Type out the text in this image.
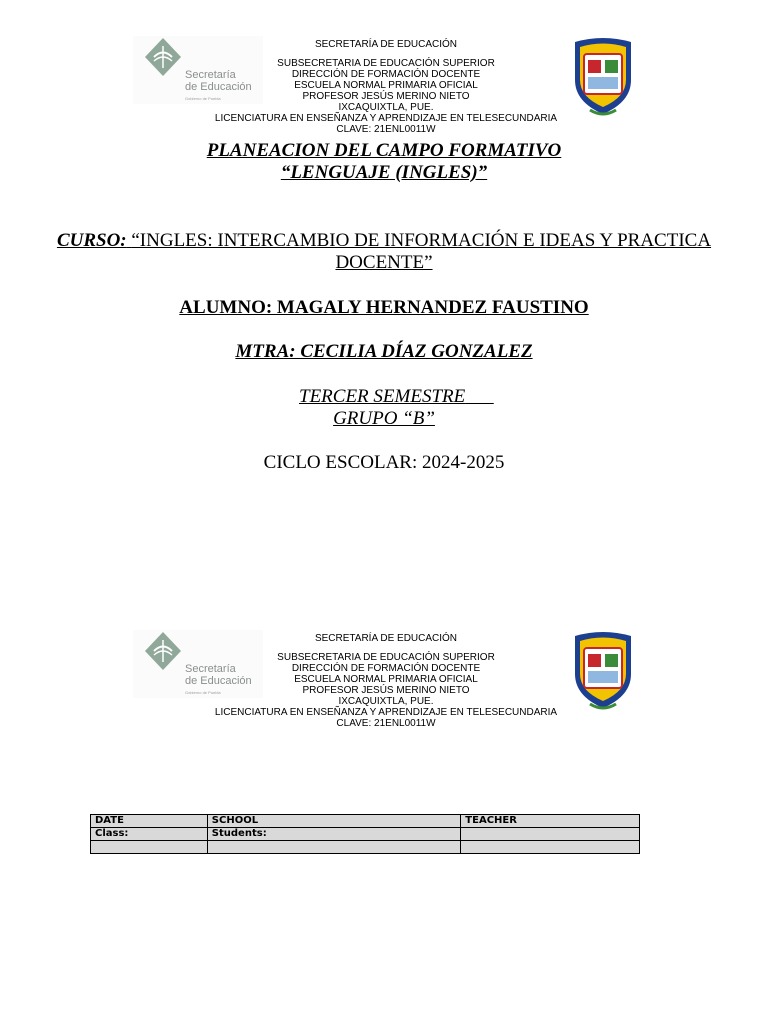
Secretaría
de Educación
Gobierno de Puebla
SECRETARÍA DE EDUCACIÓN
SUBSECRETARIA DE EDUCACIÓN SUPERIOR
DIRECCIÓN DE FORMACIÓN DOCENTE
ESCUELA NORMAL PRIMARIA OFICIAL
PROFESOR JESÚS MERINO NIETO
IXCAQUIXTLA, PUE.
LICENCIATURA EN ENSEÑANZA Y APRENDIZAJE EN TELESECUNDARIA
CLAVE: 21ENL0011W
PLANEACION DEL CAMPO FORMATIVO
“LENGUAJE (INGLES)”
CURSO: “INGLES: INTERCAMBIO DE INFORMACIÓN E IDEAS Y PRACTICA
DOCENTE”
ALUMNO: MAGALY HERNANDEZ FAUSTINO
MTRA: CECILIA DÍAZ GONZALEZ
TERCER SEMESTRE
GRUPO “B”
CICLO ESCOLAR: 2024-2025
Secretaría
de Educación
Gobierno de Puebla
SECRETARÍA DE EDUCACIÓN
SUBSECRETARIA DE EDUCACIÓN SUPERIOR
DIRECCIÓN DE FORMACIÓN DOCENTE
ESCUELA NORMAL PRIMARIA OFICIAL
PROFESOR JESÚS MERINO NIETO
IXCAQUIXTLA, PUE.
LICENCIATURA EN ENSEÑANZA Y APRENDIZAJE EN TELESECUNDARIA
CLAVE: 21ENL0011W
DATE	SCHOOL	TEACHER
Class:	Students:	
